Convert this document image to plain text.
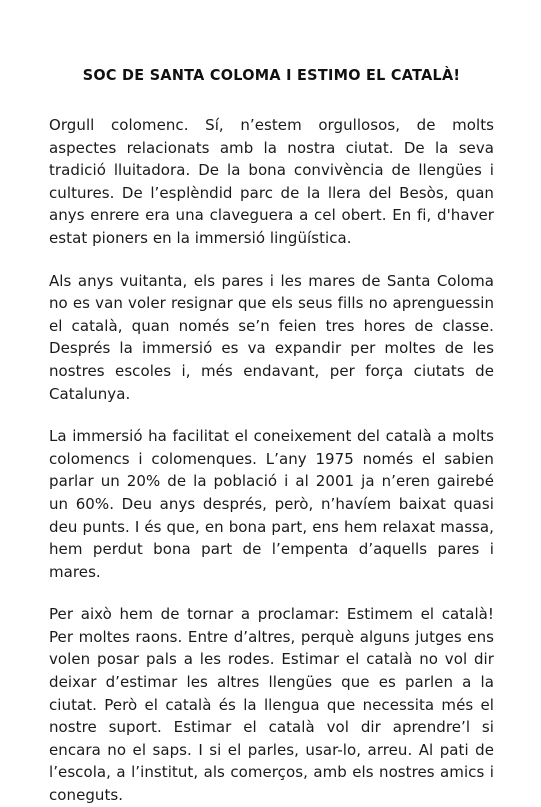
SOC DE SANTA COLOMA I ESTIMO EL CATALÀ!

Orgull colomenc. Sí, n’estem orgullosos, de molts aspectes relacionats amb la nostra ciutat. De la seva tradició lluitadora. De la bona convivència de llengües i cultures. De l’esplèndid parc de la llera del Besòs, quan anys enrere era una claveguera a cel obert. En fi, d'haver estat pioners en la immersió lingüística.

Als anys vuitanta, els pares i les mares de Santa Coloma no es van voler resignar que els seus fills no aprenguessin el català, quan només se’n feien tres hores de classe. Després la immersió es va expandir per moltes de les nostres escoles i, més endavant, per força ciutats de Catalunya.

La immersió ha facilitat el coneixement del català a molts colomencs i colomenques. L’any 1975 només el sabien parlar un 20% de la població i al 2001 ja n’eren gairebé un 60%. Deu anys després, però, n’havíem baixat quasi deu punts. I és que, en bona part, ens hem relaxat massa, hem perdut bona part de l’empenta d’aquells pares i mares.

Per això hem de tornar a proclamar: Estimem el català! Per moltes raons. Entre d’altres, perquè alguns jutges ens volen posar pals a les rodes. Estimar el català no vol dir deixar d’estimar les altres llengües que es parlen a la ciutat. Però el català és la llengua que necessita més el nostre suport. Estimar el català vol dir aprendre’l si encara no el saps. I si el parles, usar-lo, arreu. Al pati de l’escola, a l’institut, als comerços, amb els nostres amics i coneguts.
